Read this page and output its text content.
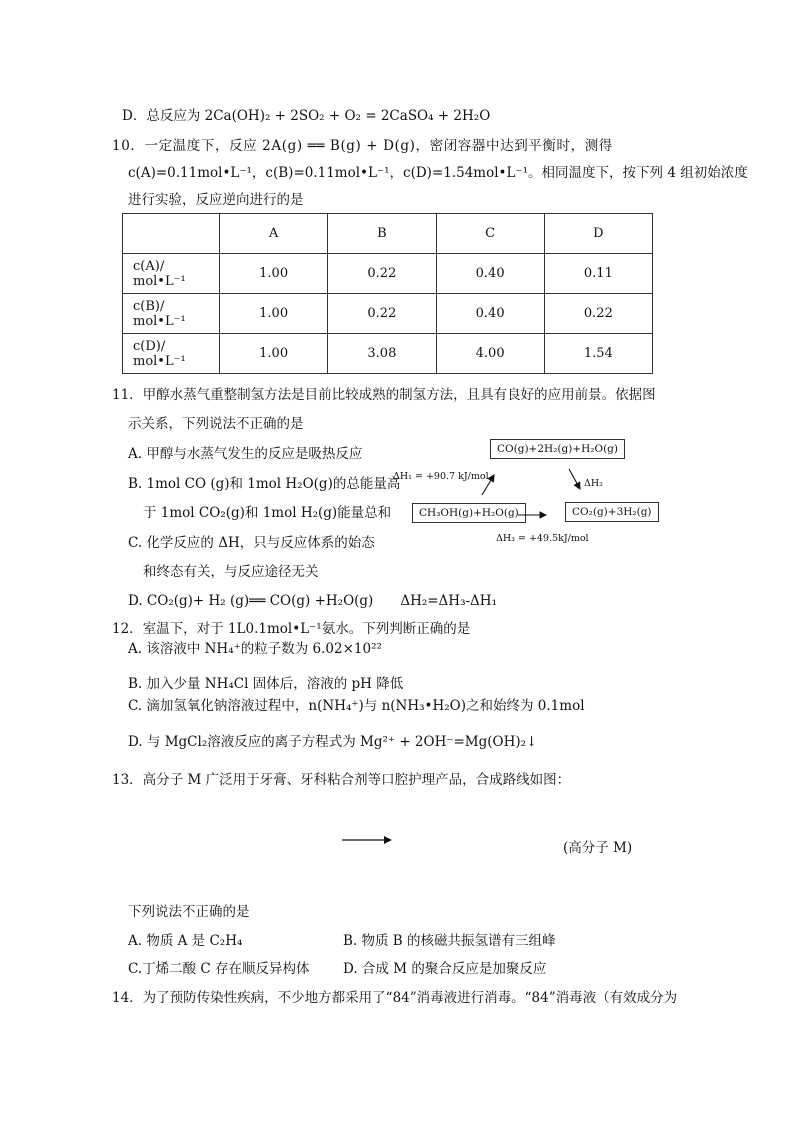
D．总反应为 2Ca(OH)₂ + 2SO₂ + O₂ = 2CaSO₄ + 2H₂O
10．一定温度下，反应 2A(g) ══ B(g) + D(g)，密闭容器中达到平衡时，测得
c(A)=0.11mol•L⁻¹，c(B)=0.11mol•L⁻¹，c(D)=1.54mol•L⁻¹。相同温度下，按下列 4 组初始浓度
进行实验，反应逆向进行的是
	A	B	C	D
c(A)/ mol•L⁻¹	1.00	0.22	0.40	0.11
c(B)/ mol•L⁻¹	1.00	0.22	0.40	0.22
c(D)/ mol•L⁻¹	1.00	3.08	4.00	1.54
11．甲醇水蒸气重整制氢方法是目前比较成熟的制氢方法，且具有良好的应用前景。依据图
示关系，下列说法不正确的是
A. 甲醇与水蒸气发生的反应是吸热反应
B. 1mol CO (g)和 1mol H₂O(g)的总能量高
于 1mol CO₂(g)和 1mol H₂(g)能量总和
C. 化学反应的 ΔH，只与反应体系的始态
和终态有关，与反应途径无关
D. CO₂(g)+ H₂ (g)══ CO(g) +H₂O(g)　　ΔH₂=ΔH₃-ΔH₁
CO(g)+2H₂(g)+H₂O(g)
CH₃OH(g)+H₂O(g)	CO₂(g)+3H₂(g)
ΔH₁ = +90.7 kJ/mol
ΔH₂
ΔH₃ = +49.5kJ/mol
12．室温下，对于 1L0.1mol•L⁻¹氨水。下列判断正确的是
A. 该溶液中 NH₄⁺的粒子数为 6.02×10²²
B. 加入少量 NH₄Cl 固体后，溶液的 pH 降低
C. 滴加氢氧化钠溶液过程中，n(NH₄⁺)与 n(NH₃•H₂O)之和始终为 0.1mol
D. 与 MgCl₂溶液反应的离子方程式为 Mg²⁺ + 2OH⁻=Mg(OH)₂↓
13．高分子 M 广泛用于牙膏、牙科粘合剂等口腔护理产品，合成路线如图：
(高分子 M)
下列说法不正确的是
A. 物质 A 是 C₂H₄	B. 物质 B 的核磁共振氢谱有三组峰
C.丁烯二酸 C 存在顺反异构体 D. 合成 M 的聚合反应是加聚反应
14．为了预防传染性疾病，不少地方都采用了“84”消毒液进行消毒。“84”消毒液（有效成分为
